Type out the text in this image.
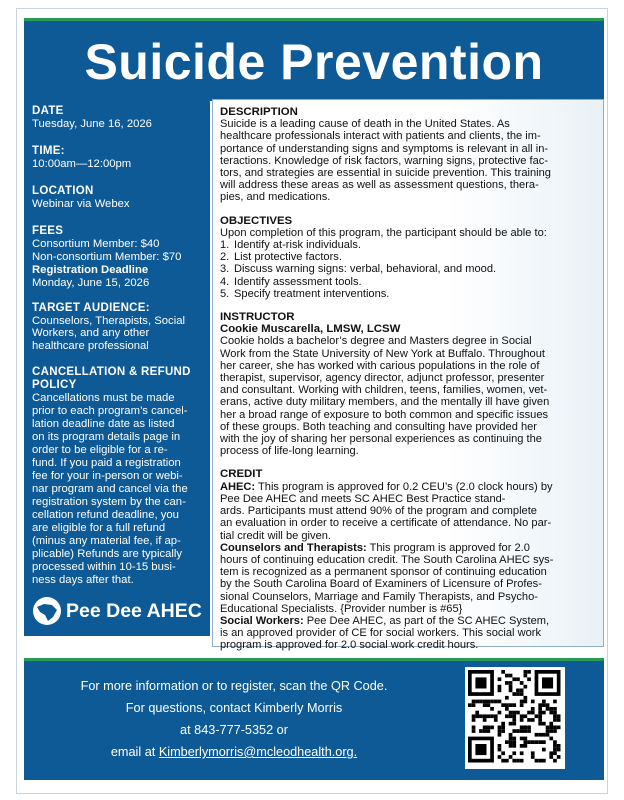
Suicide Prevention
DATE
Tuesday, June 16, 2026
TIME:
10:00am—12:00pm
LOCATION
Webinar via Webex
FEES
Consortium Member: $40
Non-consortium Member: $70
Registration Deadline
Monday, June 15, 2026
TARGET AUDIENCE:
Counselors, Therapists, Social
Workers, and any other
healthcare professional
CANCELLATION & REFUND
POLICY
Cancellations must be made
prior to each program’s cancel-
lation deadline date as listed
on its program details page in
order to be eligible for a re-
fund. If you paid a registration
fee for your in-person or webi-
nar program and cancel via the
registration system by the can-
cellation refund deadline, you
are eligible for a full refund
(minus any material fee, if ap-
plicable) Refunds are typically
processed within 10-15 busi-
ness days after that.
Pee Dee AHEC
DESCRIPTION

Suicide is a leading cause of death in the United States. As

healthcare professionals interact with patients and clients, the im-

portance of understanding signs and symptoms is relevant in all in-

teractions. Knowledge of risk factors, warning signs, protective fac-

tors, and strategies are essential in suicide prevention. This training

will address these areas as well as assessment questions, thera-

pies, and medications.

OBJECTIVES

Upon completion of this program, the participant should be able to:

1. Identify at-risk individuals.
2. List protective factors.
3. Discuss warning signs: verbal, behavioral, and mood.
4. Identify assessment tools.
5. Specify treatment interventions.
INSTRUCTOR
Cookie Muscarella, LMSW, LCSW

Cookie holds a bachelor’s degree and Masters degree in Social

Work from the State University of New York at Buffalo. Throughout

her career, she has worked with carious populations in the role of

therapist, supervisor, agency director, adjunct professor, presenter

and consultant. Working with children, teens, families, women, vet-

erans, active duty military members, and the mentally ill have given

her a broad range of exposure to both common and specific issues

of these groups. Both teaching and consulting have provided her

with the joy of sharing her personal experiences as continuing the

process of life-long learning.

CREDIT

AHEC: This program is approved for 0.2 CEU’s (2.0 clock hours) by

Pee Dee AHEC and meets SC AHEC Best Practice stand-

ards. Participants must attend 90% of the program and complete

an evaluation in order to receive a certificate of attendance. No par-

tial credit will be given.

Counselors and Therapists: This program is approved for 2.0

hours of continuing education credit. The South Carolina AHEC sys-

tem is recognized as a permanent sponsor of continuing education

by the South Carolina Board of Examiners of Licensure of Profes-

sional Counselors, Marriage and Family Therapists, and Psycho-

Educational Specialists. {Provider number is #65}

Social Workers: Pee Dee AHEC, as part of the SC AHEC System,

is an approved provider of CE for social workers. This social work

program is approved for 2.0 social work credit hours.

For more information or to register, scan the QR Code.
For questions, contact Kimberly Morris
at 843-777-5352 or
email at Kimberlymorris@mcleodhealth.org.
